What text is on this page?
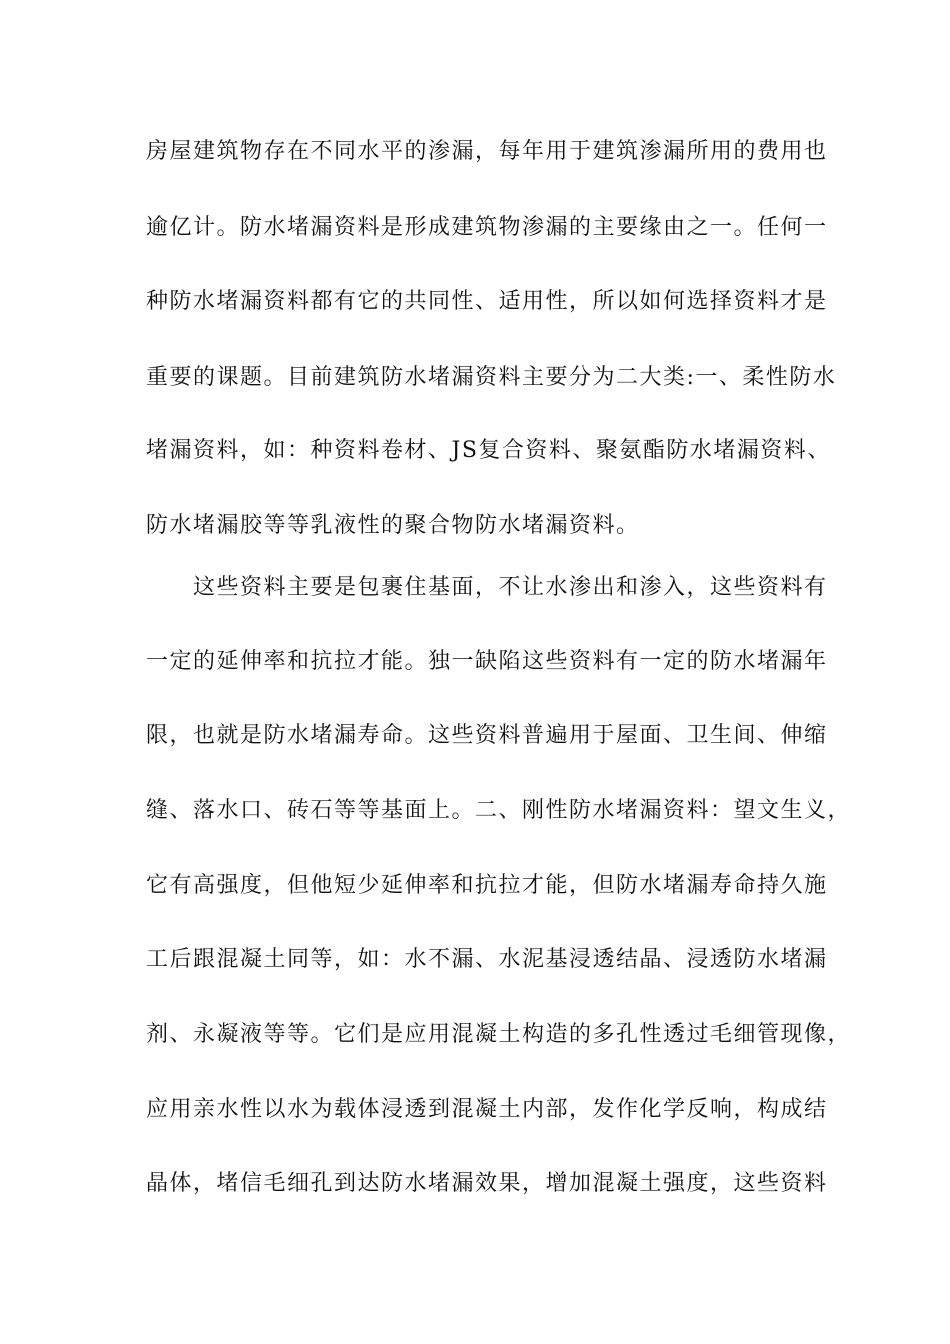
房屋建筑物存在不同水平的渗漏，每年用于建筑渗漏所用的费用也
逾亿计。防水堵漏资料是形成建筑物渗漏的主要缘由之一。任何一
种防水堵漏资料都有它的共同性、适用性，所以如何选择资料才是
重要的课题。目前建筑防水堵漏资料主要分为二大类:一、柔性防水
堵漏资料，如：种资料卷材、JS复合资料、聚氨酯防水堵漏资料、
防水堵漏胶等等乳液性的聚合物防水堵漏资料。
这些资料主要是包裹住基面，不让水渗出和渗入，这些资料有
一定的延伸率和抗拉才能。独一缺陷这些资料有一定的防水堵漏年
限，也就是防水堵漏寿命。这些资料普遍用于屋面、卫生间、伸缩
缝、落水口、砖石等等基面上。二、刚性防水堵漏资料：望文生义，
它有高强度，但他短少延伸率和抗拉才能，但防水堵漏寿命持久施
工后跟混凝土同等，如：水不漏、水泥基浸透结晶、浸透防水堵漏
剂、永凝液等等。它们是应用混凝土构造的多孔性透过毛细管现像，
应用亲水性以水为载体浸透到混凝土内部，发作化学反响，构成结
晶体，堵信毛细孔到达防水堵漏效果，增加混凝土强度，这些资料
